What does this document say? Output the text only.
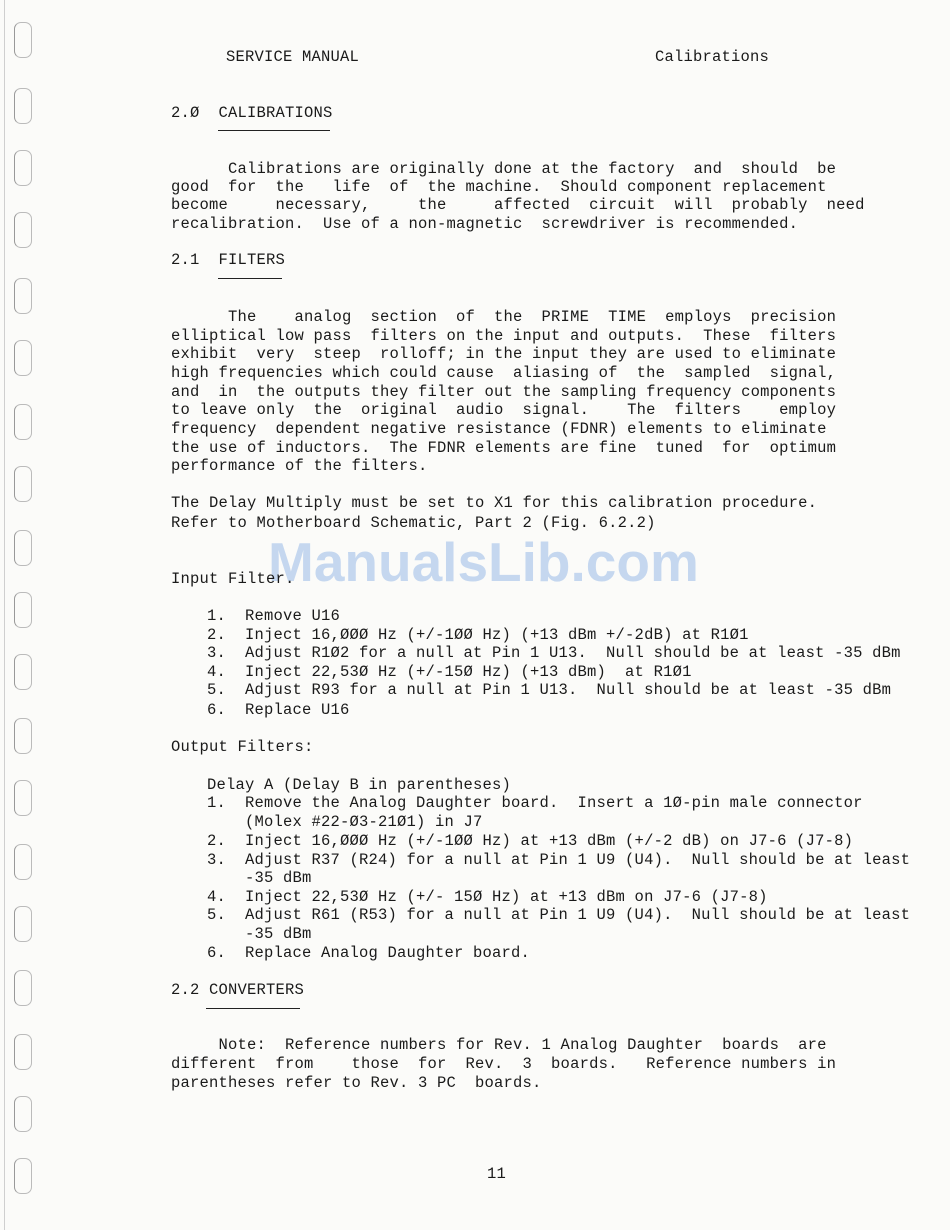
SERVICE MANUAL	Calibrations
2.Ø  CALIBRATIONS
Calibrations are originally done at the factory  and  should  be
good  for  the   life  of  the machine.  Should component replacement
become     necessary,     the     affected  circuit  will  probably  need
recalibration.  Use of a non-magnetic  screwdriver is recommended.
2.1  FILTERS
The    analog  section  of  the  PRIME  TIME  employs  precision
elliptical low pass  filters on the input and outputs.  These  filters
exhibit  very  steep  rolloff; in the input they are used to eliminate
high frequencies which could cause  aliasing of  the  sampled  signal,
and  in  the outputs they filter out the sampling frequency components
to leave only  the  original  audio  signal.    The  filters    employ
frequency  dependent negative resistance (FDNR) elements to eliminate
the use of inductors.  The FDNR elements are fine  tuned  for  optimum
performance of the filters.
The Delay Multiply must be set to X1 for this calibration procedure.
Refer to Motherboard Schematic, Part 2 (Fig. 6.2.2)
ManualsLib.com
Input Filter.
1. Remove U16
2. Inject 16,ØØØ Hz (+/-1ØØ Hz) (+13 dBm +/-2dB) at R1Ø1
3. Adjust R1Ø2 for a null at Pin 1 U13.  Null should be at least -35 dBm
4. Inject 22,53Ø Hz (+/-15Ø Hz) (+13 dBm)  at R1Ø1
5. Adjust R93 for a null at Pin 1 U13.  Null should be at least -35 dBm
6. Replace U16
Output Filters:
Delay A (Delay B in parentheses)
1. Remove the Analog Daughter board.  Insert a 1Ø-pin male connector
(Molex #22-Ø3-21Ø1) in J7
2. Inject 16,ØØØ Hz (+/-1ØØ Hz) at +13 dBm (+/-2 dB) on J7-6 (J7-8)
3. Adjust R37 (R24) for a null at Pin 1 U9 (U4).  Null should be at least
-35 dBm
4. Inject 22,53Ø Hz (+/- 15Ø Hz) at +13 dBm on J7-6 (J7-8)
5. Adjust R61 (R53) for a null at Pin 1 U9 (U4).  Null should be at least
-35 dBm
6. Replace Analog Daughter board.
2.2 CONVERTERS
Note:  Reference numbers for Rev. 1 Analog Daughter  boards  are
different  from    those  for  Rev.  3  boards.   Reference numbers in
parentheses refer to Rev. 3 PC  boards.
11
